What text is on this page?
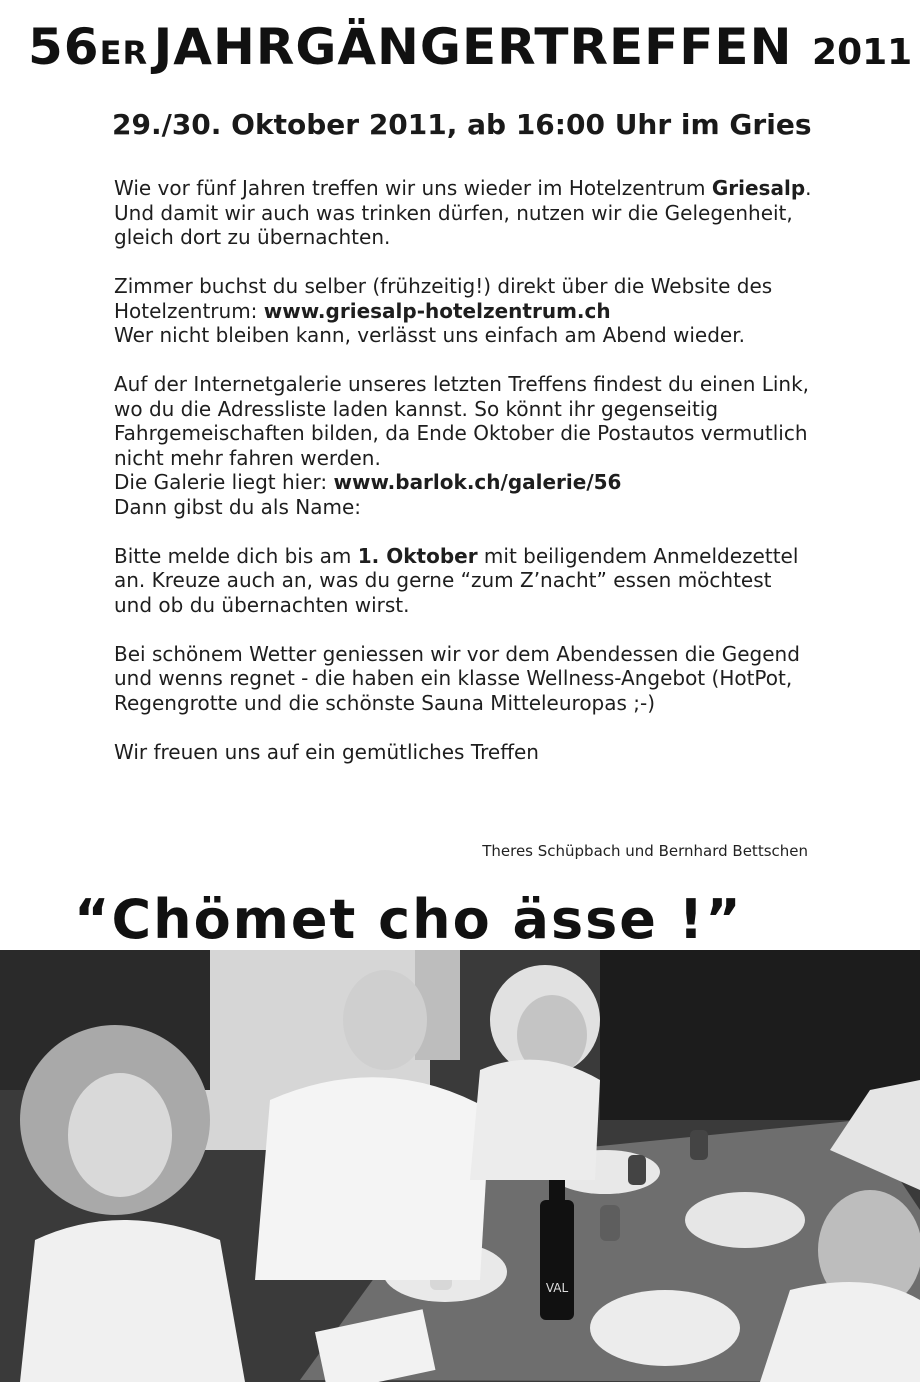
56ER JAHRGÄNGERTREFFEN 2011
29./30. Oktober 2011, ab 16:00 Uhr im Gries

Wie vor fünf Jahren treffen wir uns wieder im Hotelzentrum Griesalp. Und damit wir auch was trinken dürfen, nutzen wir die Gelegenheit, gleich dort zu übernachten.

Zimmer buchst du selber (frühzeitig!) direkt über die Website des Hotelzentrum: www.griesalp-hotelzentrum.ch
Wer nicht bleiben kann, verlässt uns einfach am Abend wieder.

Auf der Internetgalerie unseres letzten Treffens findest du einen Link, wo du die Adressliste laden kannst. So könnt ihr gegenseitig Fahrgemeischaften bilden, da Ende Oktober die Postautos vermutlich nicht mehr fahren werden.
Die Galerie liegt hier: www.barlok.ch/galerie/56
Dann gibst du als Name:

Bitte melde dich bis am 1. Oktober mit beiligendem Anmeldezettel an. Kreuze auch an, was du gerne “zum Z’nacht” essen möchtest und ob du übernachten wirst.

Bei schönem Wetter geniessen wir vor dem Abendessen die Gegend und wenns regnet - die haben ein klasse Wellness-Angebot (HotPot, Regengrotte und die schönste Sauna Mitteleuropas ;-)

Wir freuen uns auf ein gemütliches Treffen

Theres Schüpbach und Bernhard Bettschen
“Chömet cho ässe !”
VAL
